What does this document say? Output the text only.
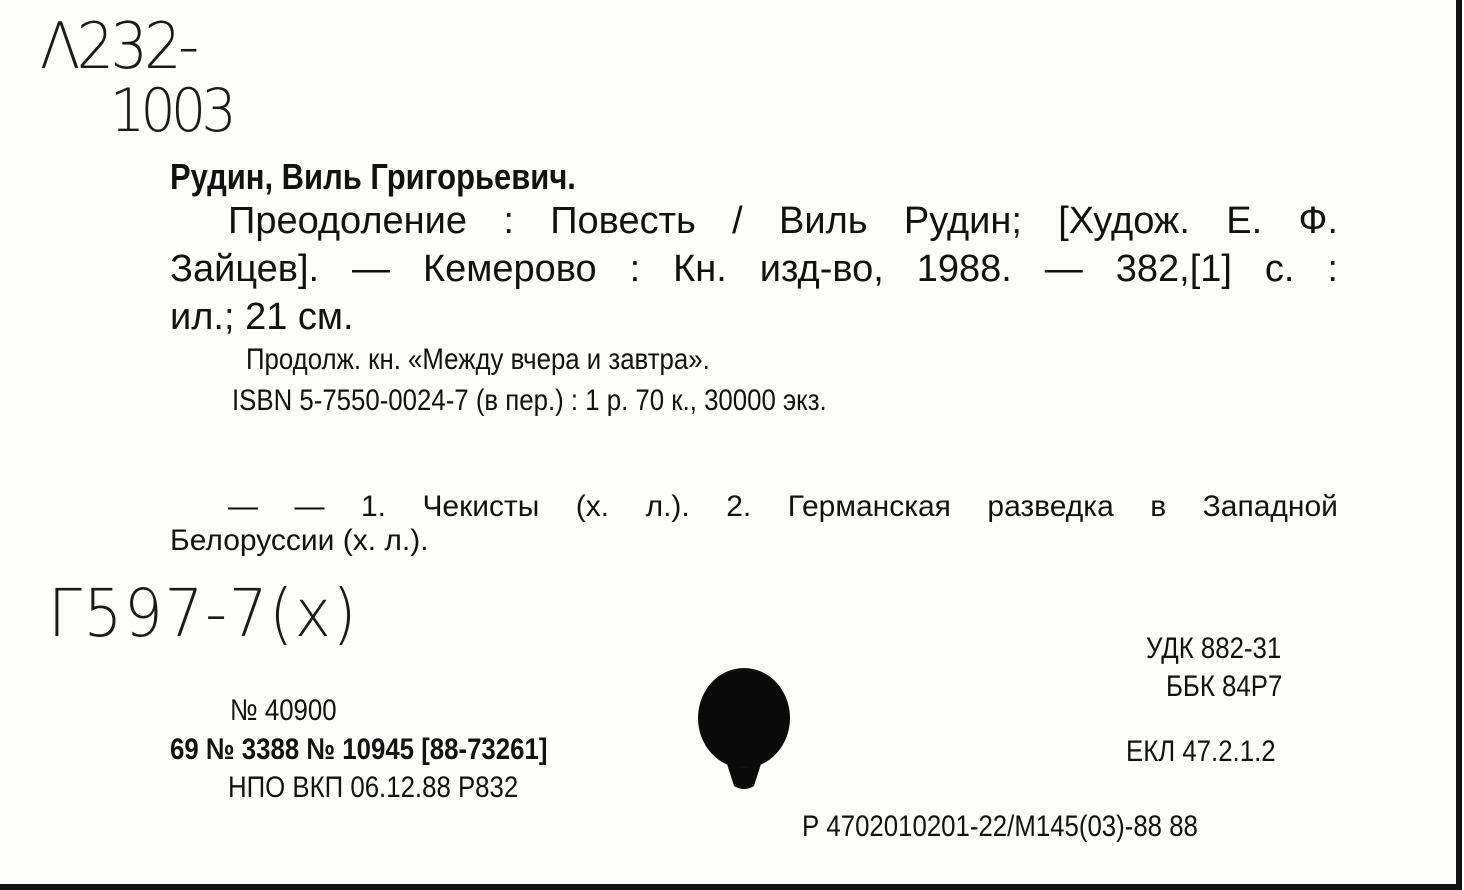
Λ232-
1003
Рудин, Виль Григорьевич.
Преодоление : Повесть / Виль Рудин; [Худож. Е. Ф.
Зайцев]. — Кемерово : Кн. изд-во, 1988. — 382,[1] с. :
ил.; 21 см.
Продолж. кн. «Между вчера и завтра».
ISBN 5-7550-0024-7 (в пер.) : 1 р. 70 к., 30000 экз.
— — 1. Чекисты (х. л.). 2. Германская разведка в Западной
Белоруссии (х. л.).
Г597-7(x)	УДК 882-31
ББК 84Р7
ЕКЛ 47.2.1.2
№ 40900
69 № 3388 № 10945 [88-73261]
НПО ВКП 06.12.88 Р832
Р 4702010201-22/М145(03)-88 88
